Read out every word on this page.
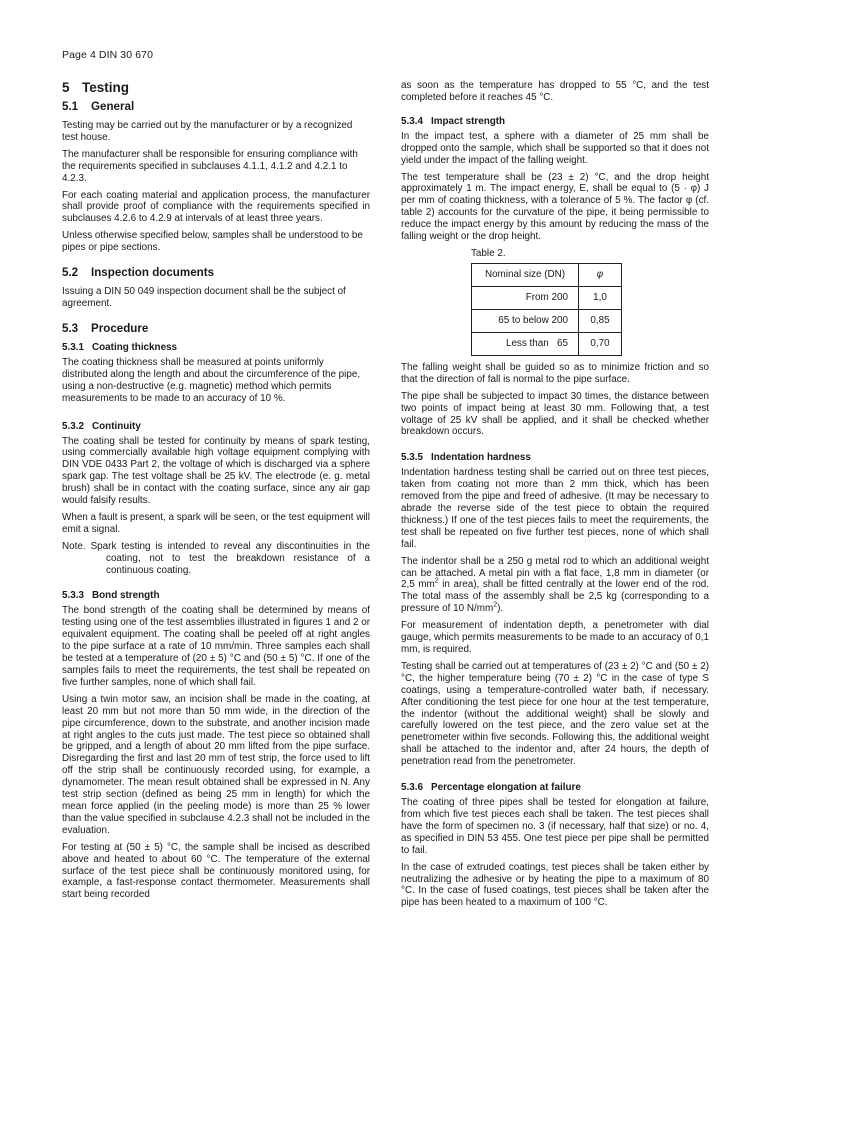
Page 4 DIN 30 670
5 Testing
5.1 General

Testing may be carried out by the manufacturer or by a recognized test house.

The manufacturer shall be responsible for ensuring compliance with the requirements specified in subclauses 4.1.1, 4.1.2 and 4.2.1 to 4.2.3.

For each coating material and application process, the manufacturer shall provide proof of compliance with the requirements specified in subclauses 4.2.6 to 4.2.9 at intervals of at least three years.

Unless otherwise specified below, samples shall be understood to be pipes or pipe sections.

5.2 Inspection documents

Issuing a DIN 50 049 inspection document shall be the subject of agreement.

5.3 Procedure
5.3.1 Coating thickness

The coating thickness shall be measured at points uniformly distributed along the length and about the circumference of the pipe, using a non-destructive (e.g. magnetic) method which permits measurements to be made to an accuracy of 10 %.

5.3.2 Continuity

The coating shall be tested for continuity by means of spark testing, using commercially available high voltage equipment complying with DIN VDE 0433 Part 2, the voltage of which is discharged via a sphere spark gap. The test voltage shall be 25 kV. The electrode (e. g. metal brush) shall be in contact with the coating surface, since any air gap would falsify results.

When a fault is present, a spark will be seen, or the test equipment will emit a signal.

Note. Spark testing is intended to reveal any discontinuities in the coating, not to test the breakdown resistance of a continuous coating.

5.3.3 Bond strength

The bond strength of the coating shall be determined by means of testing using one of the test assemblies illustrated in figures 1 and 2 or equivalent equipment. The coating shall be peeled off at right angles to the pipe surface at a rate of 10 mm/min. Three samples each shall be tested at a temperature of (20 ± 5) °C and (50 ± 5) °C. If one of the samples fails to meet the requirements, the test shall be repeated on five further samples, none of which shall fail.

Using a twin motor saw, an incision shall be made in the coating, at least 20 mm but not more than 50 mm wide, in the direction of the pipe circumference, down to the substrate, and another incision made at right angles to the cuts just made. The test piece so obtained shall be gripped, and a length of about 20 mm lifted from the pipe surface. Disregarding the first and last 20 mm of test strip, the force used to lift off the strip shall be continuously recorded using, for example, a dynamometer. The mean result obtained shall be expressed in N. Any test strip section (defined as being 25 mm in length) for which the mean force applied (in the peeling mode) is more than 25 % lower than the value specified in subclause 4.2.3 shall not be included in the evaluation.

For testing at (50 ± 5) °C, the sample shall be incised as described above and heated to about 60 °C. The temperature of the external surface of the test piece shall be continuously monitored using, for example, a fast-response contact thermometer. Measurements shall start being recorded

as soon as the temperature has dropped to 55 °C, and the test completed before it reaches 45 °C.

5.3.4 Impact strength

In the impact test, a sphere with a diameter of 25 mm shall be dropped onto the sample, which shall be supported so that it does not yield under the impact of the falling weight.

The test temperature shall be (23 ± 2) °C, and the drop height approximately 1 m. The impact energy, E, shall be equal to (5 · φ) J per mm of coating thickness, with a tolerance of 5 %. The factor φ (cf. table 2) accounts for the curvature of the pipe, it being permissible to reduce the impact energy by this amount by reducing the mass of the falling weight or the drop height.

Table 2.
Nominal size (DN)	φ
From 200	1,0
65 to below 200	0,85
Less than   65	0,70

The falling weight shall be guided so as to minimize friction and so that the direction of fall is normal to the pipe surface.

The pipe shall be subjected to impact 30 times, the distance between two points of impact being at least 30 mm. Following that, a test voltage of 25 kV shall be applied, and it shall be checked whether breakdown occurs.

5.3.5 Indentation hardness

Indentation hardness testing shall be carried out on three test pieces, taken from coating not more than 2 mm thick, which has been removed from the pipe and freed of adhesive. (It may be necessary to abrade the reverse side of the test piece to obtain the required thickness.) If one of the test pieces fails to meet the requirements, the test shall be repeated on five further test pieces, none of which shall fail.

The indentor shall be a 250 g metal rod to which an additional weight can be attached. A metal pin with a flat face, 1,8 mm in diameter (or 2,5 $mm^2$ in area), shall be fitted centrally at the lower end of the rod. The total mass of the assembly shall be 2,5 kg (corresponding to a pressure of 10 $N/mm^2$).

For measurement of indentation depth, a penetrometer with dial gauge, which permits measurements to be made to an accuracy of 0,1 mm, is required.

Testing shall be carried out at temperatures of (23 ± 2) °C and (50 ± 2) °C, the higher temperature being (70 ± 2) °C in the case of type S coatings, using a temperature-controlled water bath, if necessary. After conditioning the test piece for one hour at the test temperature, the indentor (without the additional weight) shall be slowly and carefully lowered on the test piece, and the zero value set at the penetrometer within five seconds. Following this, the additional weight shall be attached to the indentor and, after 24 hours, the depth of penetration read from the penetrometer.

5.3.6 Percentage elongation at failure

The coating of three pipes shall be tested for elongation at failure, from which five test pieces each shall be taken. The test pieces shall have the form of specimen no. 3 (if necessary, half that size) or no. 4, as specified in DIN 53 455. One test piece per pipe shall be permitted to fail.

In the case of extruded coatings, test pieces shall be taken either by neutralizing the adhesive or by heating the pipe to a maximum of 80 °C. In the case of fused coatings, test pieces shall be taken after the pipe has been heated to a maximum of 100 °C.
